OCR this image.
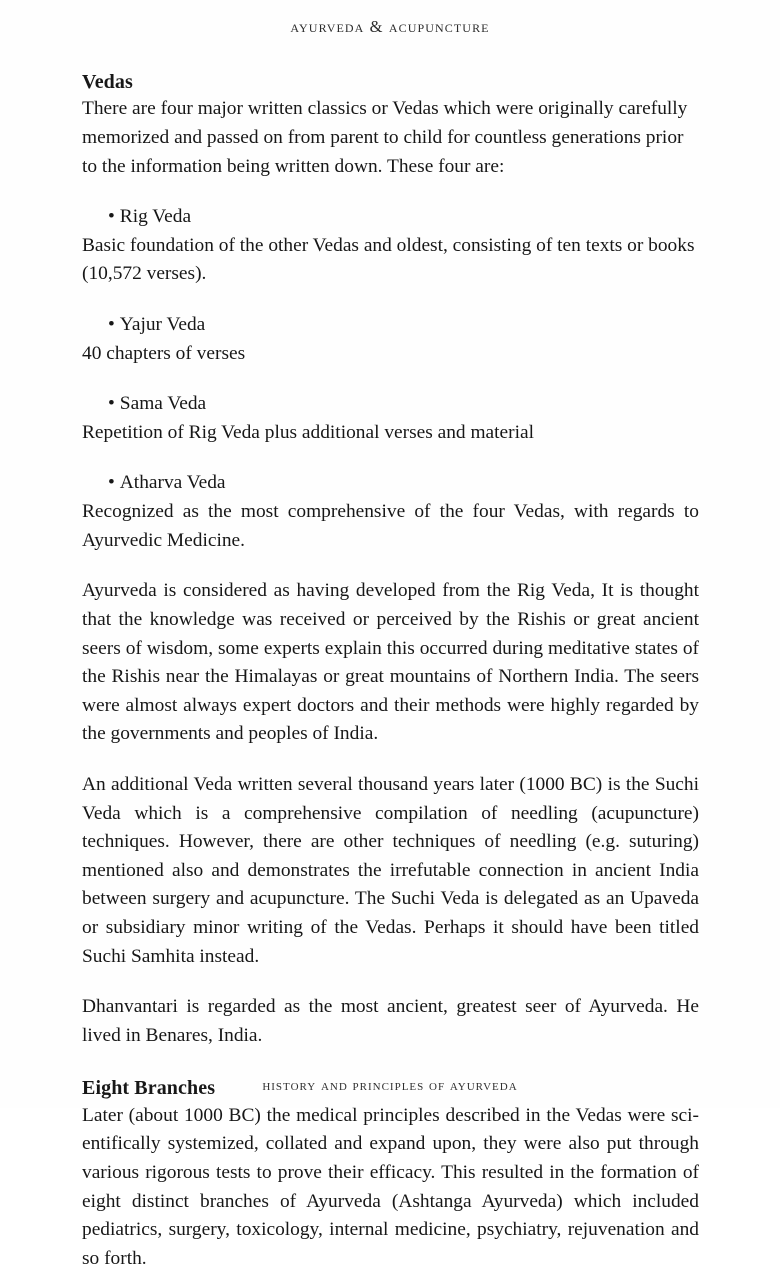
ayurveda & acupuncture
Vedas

There are four major written classics or Vedas which were originally carefully memorized and passed on from parent to child for countless generations prior to the information being written down. These four are:

• Rig Veda

Basic foundation of the other Vedas and oldest, consisting of ten texts or books (10,572 verses).

• Yajur Veda

40 chapters of verses

• Sama Veda

Repetition of Rig Veda plus additional verses and material

• Atharva Veda

Recognized as the most comprehensive of the four Vedas, with regards to Ayurvedic Medicine.

Ayurveda is considered as having developed from the Rig Veda, It is thought that the knowledge was received or perceived by the Rishis or great ancient seers of wisdom, some experts explain this occurred during meditative states of the Rishis near the Himalayas or great mountains of Northern India. The seers were almost always expert doctors and their methods were highly regarded by the governments and peoples of India.

An additional Veda written several thousand years later (1000 BC) is the Suchi Veda which is a comprehensive compilation of needling (acupuncture) techniques. However, there are other techniques of needling (e.g. suturing) mentioned also and demonstrates the irrefutable connection in ancient India between surgery and acupuncture. The Suchi Veda is delegated as an Upaveda or subsidiary minor writing of the Vedas. Perhaps it should have been titled Suchi Samhita instead.

Dhanvantari is regarded as the most ancient, greatest seer of Ayurveda. He lived in Benares, India.

Eight Branches

Later (about 1000 BC) the medical principles described in the Vedas were sci-entifically systemized, collated and expand upon, they were also put through various rigorous tests to prove their efficacy. This resulted in the formation of eight distinct branches of Ayurveda (Ashtanga Ayurveda) which included pediatrics, surgery, toxicology, internal medicine, psychiatry, rejuvenation and so forth.

history and principles of ayurveda
